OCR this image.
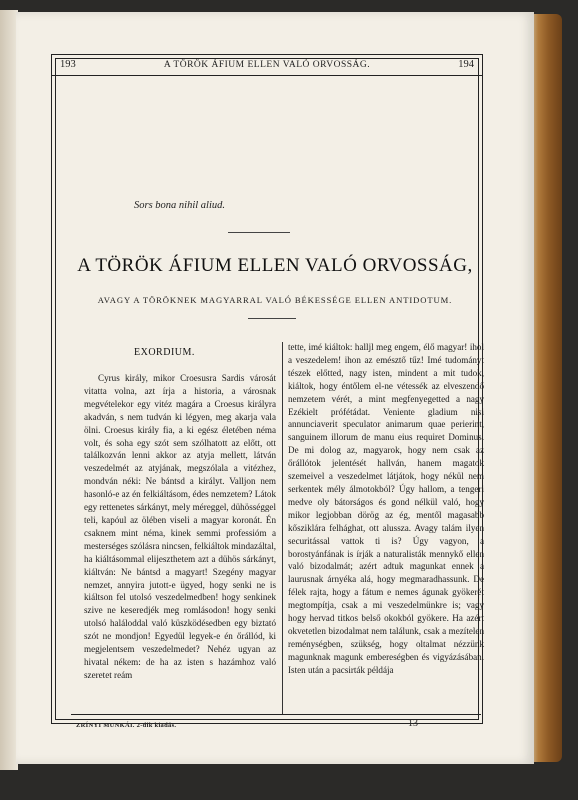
193	A TÖRÖK ÁFIUM ELLEN VALÓ ORVOSSÁG.	194
Sors bona nihil aliud.
A TÖRÖK ÁFIUM ELLEN VALÓ ORVOSSÁG,
AVAGY A TÖRÖKNEK MAGYARRAL VALÓ BÉKESSÉGE ELLEN ANTIDOTUM.
EXORDIUM.

Cyrus király, mikor Croesusra Sardis városát vitatta volna, azt írja a historia, a városnak megvételekor egy vitéz magára a Croesus királyra akadván, s nem tudván ki légyen, meg akarja vala ölni. Croesus király fia, a ki egész életében néma volt, és soha egy szót sem szólhatott az előtt, ott találkozván lenni akkor az atyja mellett, látván veszedelmét az atyjának, megszólala a vitézhez, mondván néki: Ne bántsd a királyt. Valljon nem hasonló-e az én felkiáltásom, édes nemzetem? Látok egy rettenetes sárkányt, mely méreggel, dühösséggel teli, kapóul az ölében viseli a magyar koronát. Én csaknem mint néma, kinek semmi professióm a mesterséges szólásra nincsen, felkiáltok mindazáltal, ha kiáltásommal elijeszthetem azt a dühös sárkányt, kiáltván: Ne bántsd a magyart! Szegény magyar nemzet, annyira jutott-e ügyed, hogy senki ne is kiáltson fel utolsó veszedelmedben! hogy senkinek szive ne keseredjék meg romlásodon! hogy senki utolsó haláloddal való küszködésedben egy biztató szót ne mondjon! Egyedül legyek-e én őrállód, ki megjelentsem veszedelmedet? Nehéz ugyan az hivatal nékem: de ha az isten s hazámhoz való szeretet reám

tette, imé kiáltok: halljl meg engem, élő magyar! ihol a veszedelem! ihon az emésztő tűz! Imé tudományt tészek előtted, nagy isten, mindent a mit tudok, kiáltok, hogy éntőlem el-ne vétessék az elveszendő nemzetem vérét, a mint megfenyegetted a nagy Ezékielt prófétádat. Veniente gladium nisi annunciaverit speculator animarum quae perierint, sanguinem illorum de manu eius requiret Dominus. De mi dolog az, magyarok, hogy nem csak az őrállótok jelentését hallván, hanem magatok szemeivel a veszedelmet látjátok, hogy nékül nem serkentek mély álmotokból? Úgy hallom, a tengeri medve oly bátorságos és gond nélkül való, hogy mikor legjobban dörög az ég, mentől magasabb kősziklára felhághat, ott alussza. Avagy talám ilyen securitással vattok ti is? Úgy vagyon, a borostyánfának is írják a naturalisták mennykő ellen való bizodalmát; azért adtuk magunkat ennek a laurusnak árnyéka alá, hogy megmaradhassunk. De félek rajta, hogy a fátum e nemes águnak gyökerét megtompítja, csak a mi veszedelmünkre is; vagy hogy hervad titkos belső okokból gyökere. Ha azért okvetetlen bizodalmat nem találunk, csak a mezítelen reménységben, szükség, hogy oltalmat nézzünk magunknak magunk embereségben és vigyázásában. Isten után a pacsirták példája

ZRÍNYI MUNKÁI. 2-dik kiadás.	13
